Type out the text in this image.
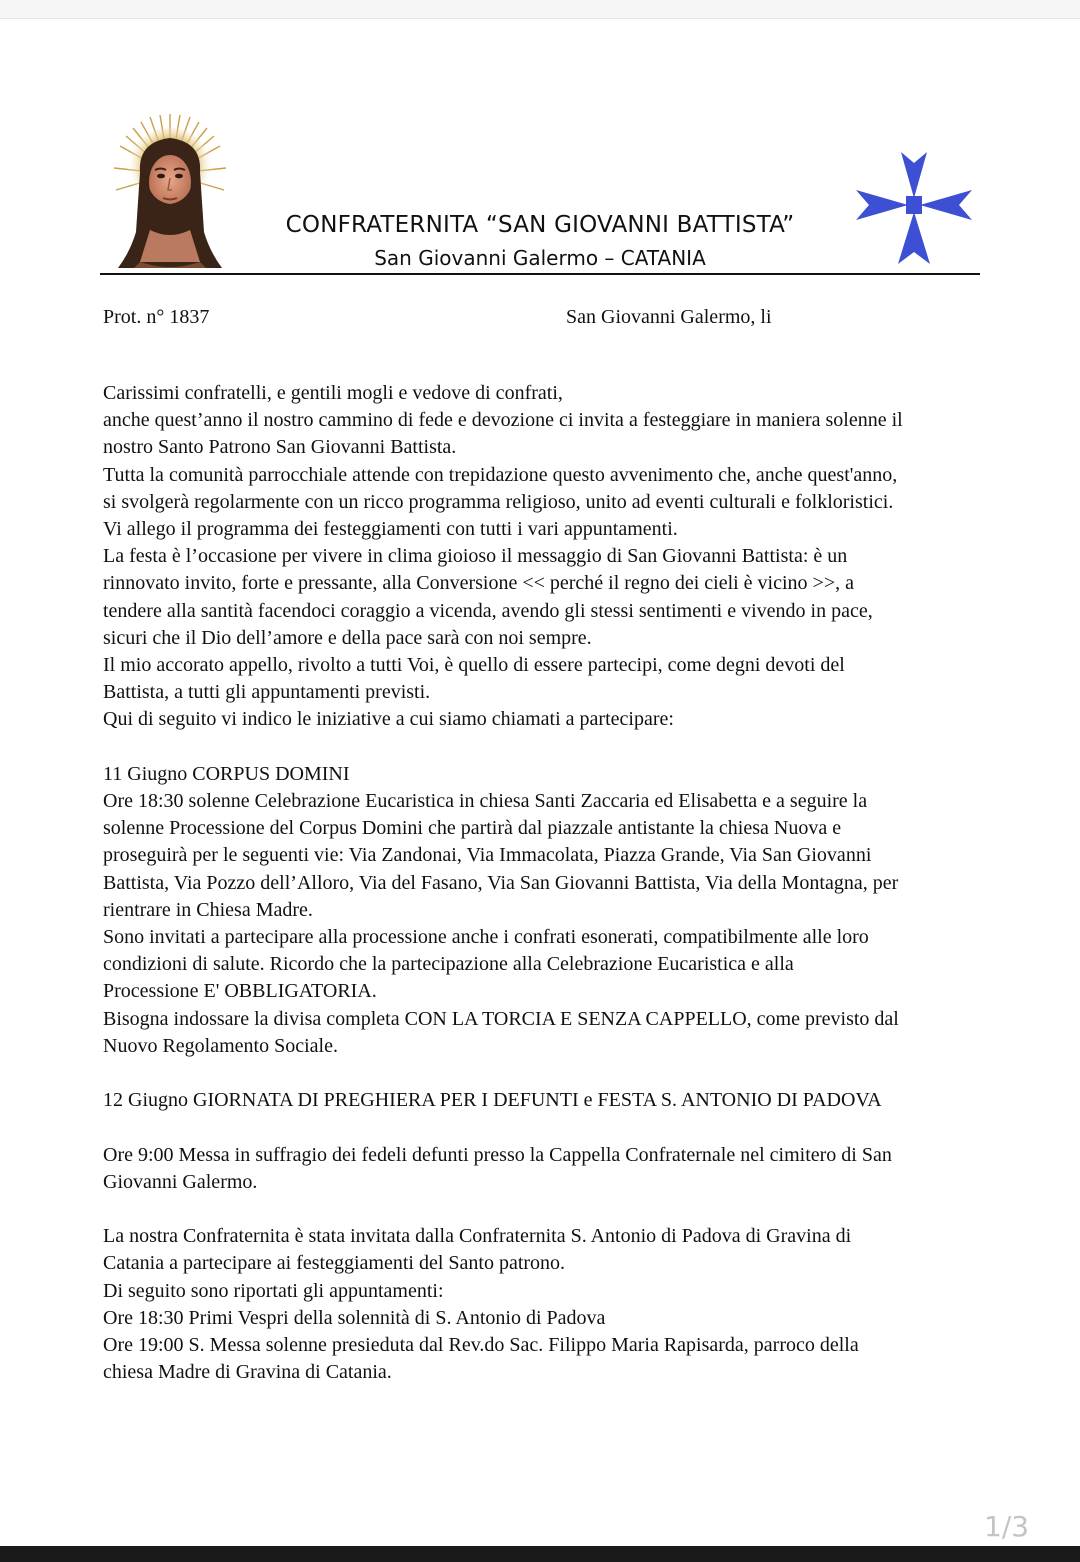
CONFRATERNITA “SAN GIOVANNI BATTISTA”
San Giovanni Galermo – CATANIA
Prot. n° 1837	San Giovanni Galermo, li

Carissimi confratelli, e gentili mogli e vedove di confrati,

anche quest’anno il nostro cammino di fede e devozione ci invita a festeggiare in maniera solenne il

nostro Santo Patrono San Giovanni Battista.

Tutta la comunità parrocchiale attende con trepidazione questo avvenimento che, anche quest'anno,

si svolgerà regolarmente con un ricco programma religioso, unito ad eventi culturali e folkloristici.

Vi allego il programma dei festeggiamenti con tutti i vari appuntamenti.

La festa è l’occasione per vivere in clima gioioso il messaggio di San Giovanni Battista: è un

rinnovato invito, forte e pressante, alla Conversione << perché il regno dei cieli è vicino >>, a

tendere alla santità facendoci coraggio a vicenda, avendo gli stessi sentimenti e vivendo in pace,

sicuri che il Dio dell’amore e della pace sarà con noi sempre.

Il mio accorato appello, rivolto a tutti Voi, è quello di essere partecipi, come degni devoti del

Battista, a tutti gli appuntamenti previsti.

Qui di seguito vi indico le iniziative a cui siamo chiamati a partecipare:

11 Giugno CORPUS DOMINI

Ore 18:30 solenne Celebrazione Eucaristica in chiesa Santi Zaccaria ed Elisabetta e a seguire la

solenne Processione del Corpus Domini che partirà dal piazzale antistante la chiesa Nuova e

proseguirà per le seguenti vie: Via Zandonai, Via Immacolata, Piazza Grande, Via San Giovanni

Battista, Via Pozzo dell’Alloro, Via del Fasano, Via San Giovanni Battista, Via della Montagna, per

rientrare in Chiesa Madre.

Sono invitati a partecipare alla processione anche i confrati esonerati, compatibilmente alle loro

condizioni di salute. Ricordo che la partecipazione alla Celebrazione Eucaristica e alla

Processione E' OBBLIGATORIA.

Bisogna indossare la divisa completa CON LA TORCIA E SENZA CAPPELLO, come previsto dal

Nuovo Regolamento Sociale.

12 Giugno GIORNATA DI PREGHIERA PER I DEFUNTI e FESTA S. ANTONIO DI PADOVA

Ore 9:00 Messa in suffragio dei fedeli defunti presso la Cappella Confraternale nel cimitero di San

Giovanni Galermo.

La nostra Confraternita è stata invitata dalla Confraternita S. Antonio di Padova di Gravina di

Catania a partecipare ai festeggiamenti del Santo patrono.

Di seguito sono riportati gli appuntamenti:

Ore 18:30 Primi Vespri della solennità di S. Antonio di Padova

Ore 19:00 S. Messa solenne presieduta dal Rev.do Sac. Filippo Maria Rapisarda, parroco della

chiesa Madre di Gravina di Catania.

1/3
